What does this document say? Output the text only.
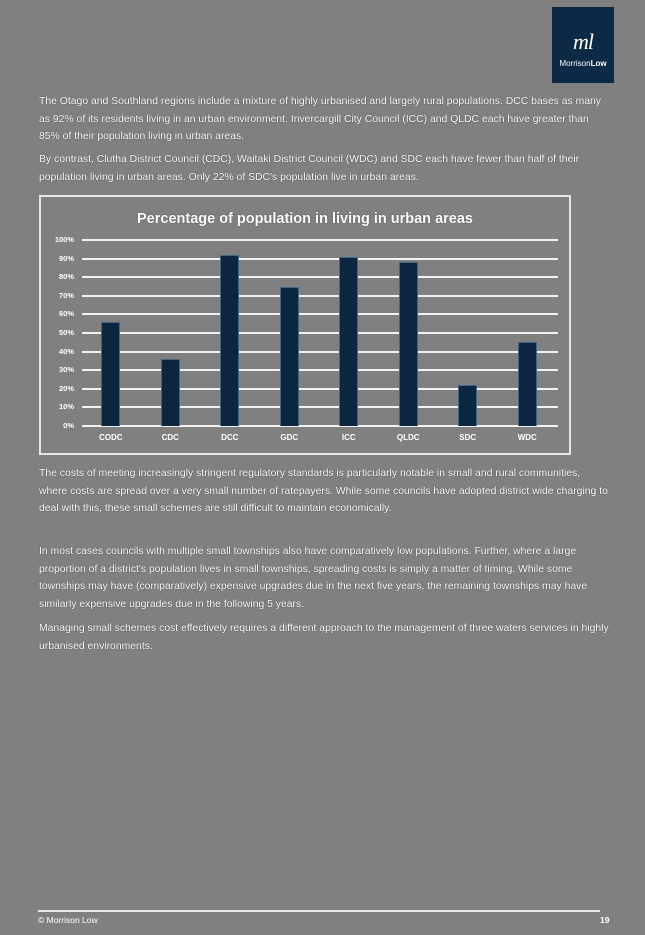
ml
MorrisonLow

The Otago and Southland regions include a mixture of highly urbanised and largely rural populations. DCC bases as many as 92% of its residents living in an urban environment. Invercargill City Council (ICC) and QLDC each have greater than 85% of their population living in urban areas.

By contrast, Clutha District Council (CDC), Waitaki District Council (WDC) and SDC each have fewer than half of their population living in urban areas. Only 22% of SDC's population live in urban areas.

Percentage of population in living in urban areas
0%
10%
20%
30%
40%
50%
60%
70%
80%
90%
100%
CODC	CDC	DCC	GDC	ICC	QLDC	SDC	WDC

The costs of meeting increasingly stringent regulatory standards is particularly notable in small and rural communities, where costs are spread over a very small number of ratepayers. While some councils have adopted district wide charging to deal with this, these small schemes are still difficult to maintain economically.

In most cases councils with multiple small townships also have comparatively low populations. Further, where a large proportion of a district's population lives in small townships, spreading costs is simply a matter of timing. While some townships may have (comparatively) expensive upgrades due in the next five years, the remaining townships may have similarly expensive upgrades due in the following 5 years.

Managing small schemes cost effectively requires a different approach to the management of three waters services in highly urbanised environments.

© Morrison Low	19
